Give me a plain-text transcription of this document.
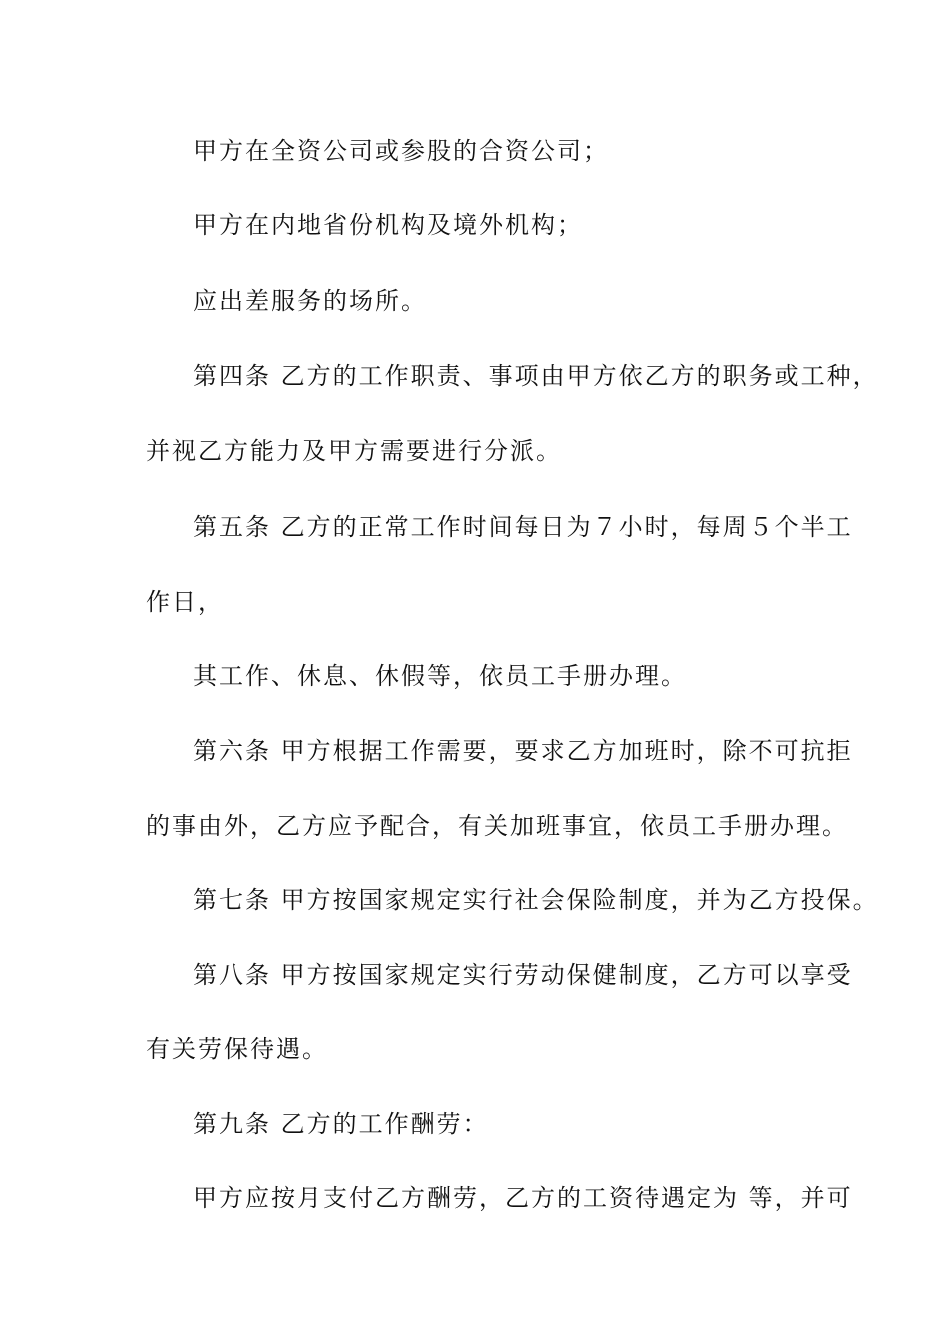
甲方在全资公司或参股的合资公司；
甲方在内地省份机构及境外机构；
应出差服务的场所。
第四条 乙方的工作职责、事项由甲方依乙方的职务或工种，
并视乙方能力及甲方需要进行分派。
第五条 乙方的正常工作时间每日为７小时，每周５个半工
作日，
其工作、休息、休假等，依员工手册办理。
第六条 甲方根据工作需要，要求乙方加班时，除不可抗拒
的事由外，乙方应予配合，有关加班事宜，依员工手册办理。
第七条 甲方按国家规定实行社会保险制度，并为乙方投保。
第八条 甲方按国家规定实行劳动保健制度，乙方可以享受
有关劳保待遇。
第九条 乙方的工作酬劳：
甲方应按月支付乙方酬劳，乙方的工资待遇定为 等，并可
